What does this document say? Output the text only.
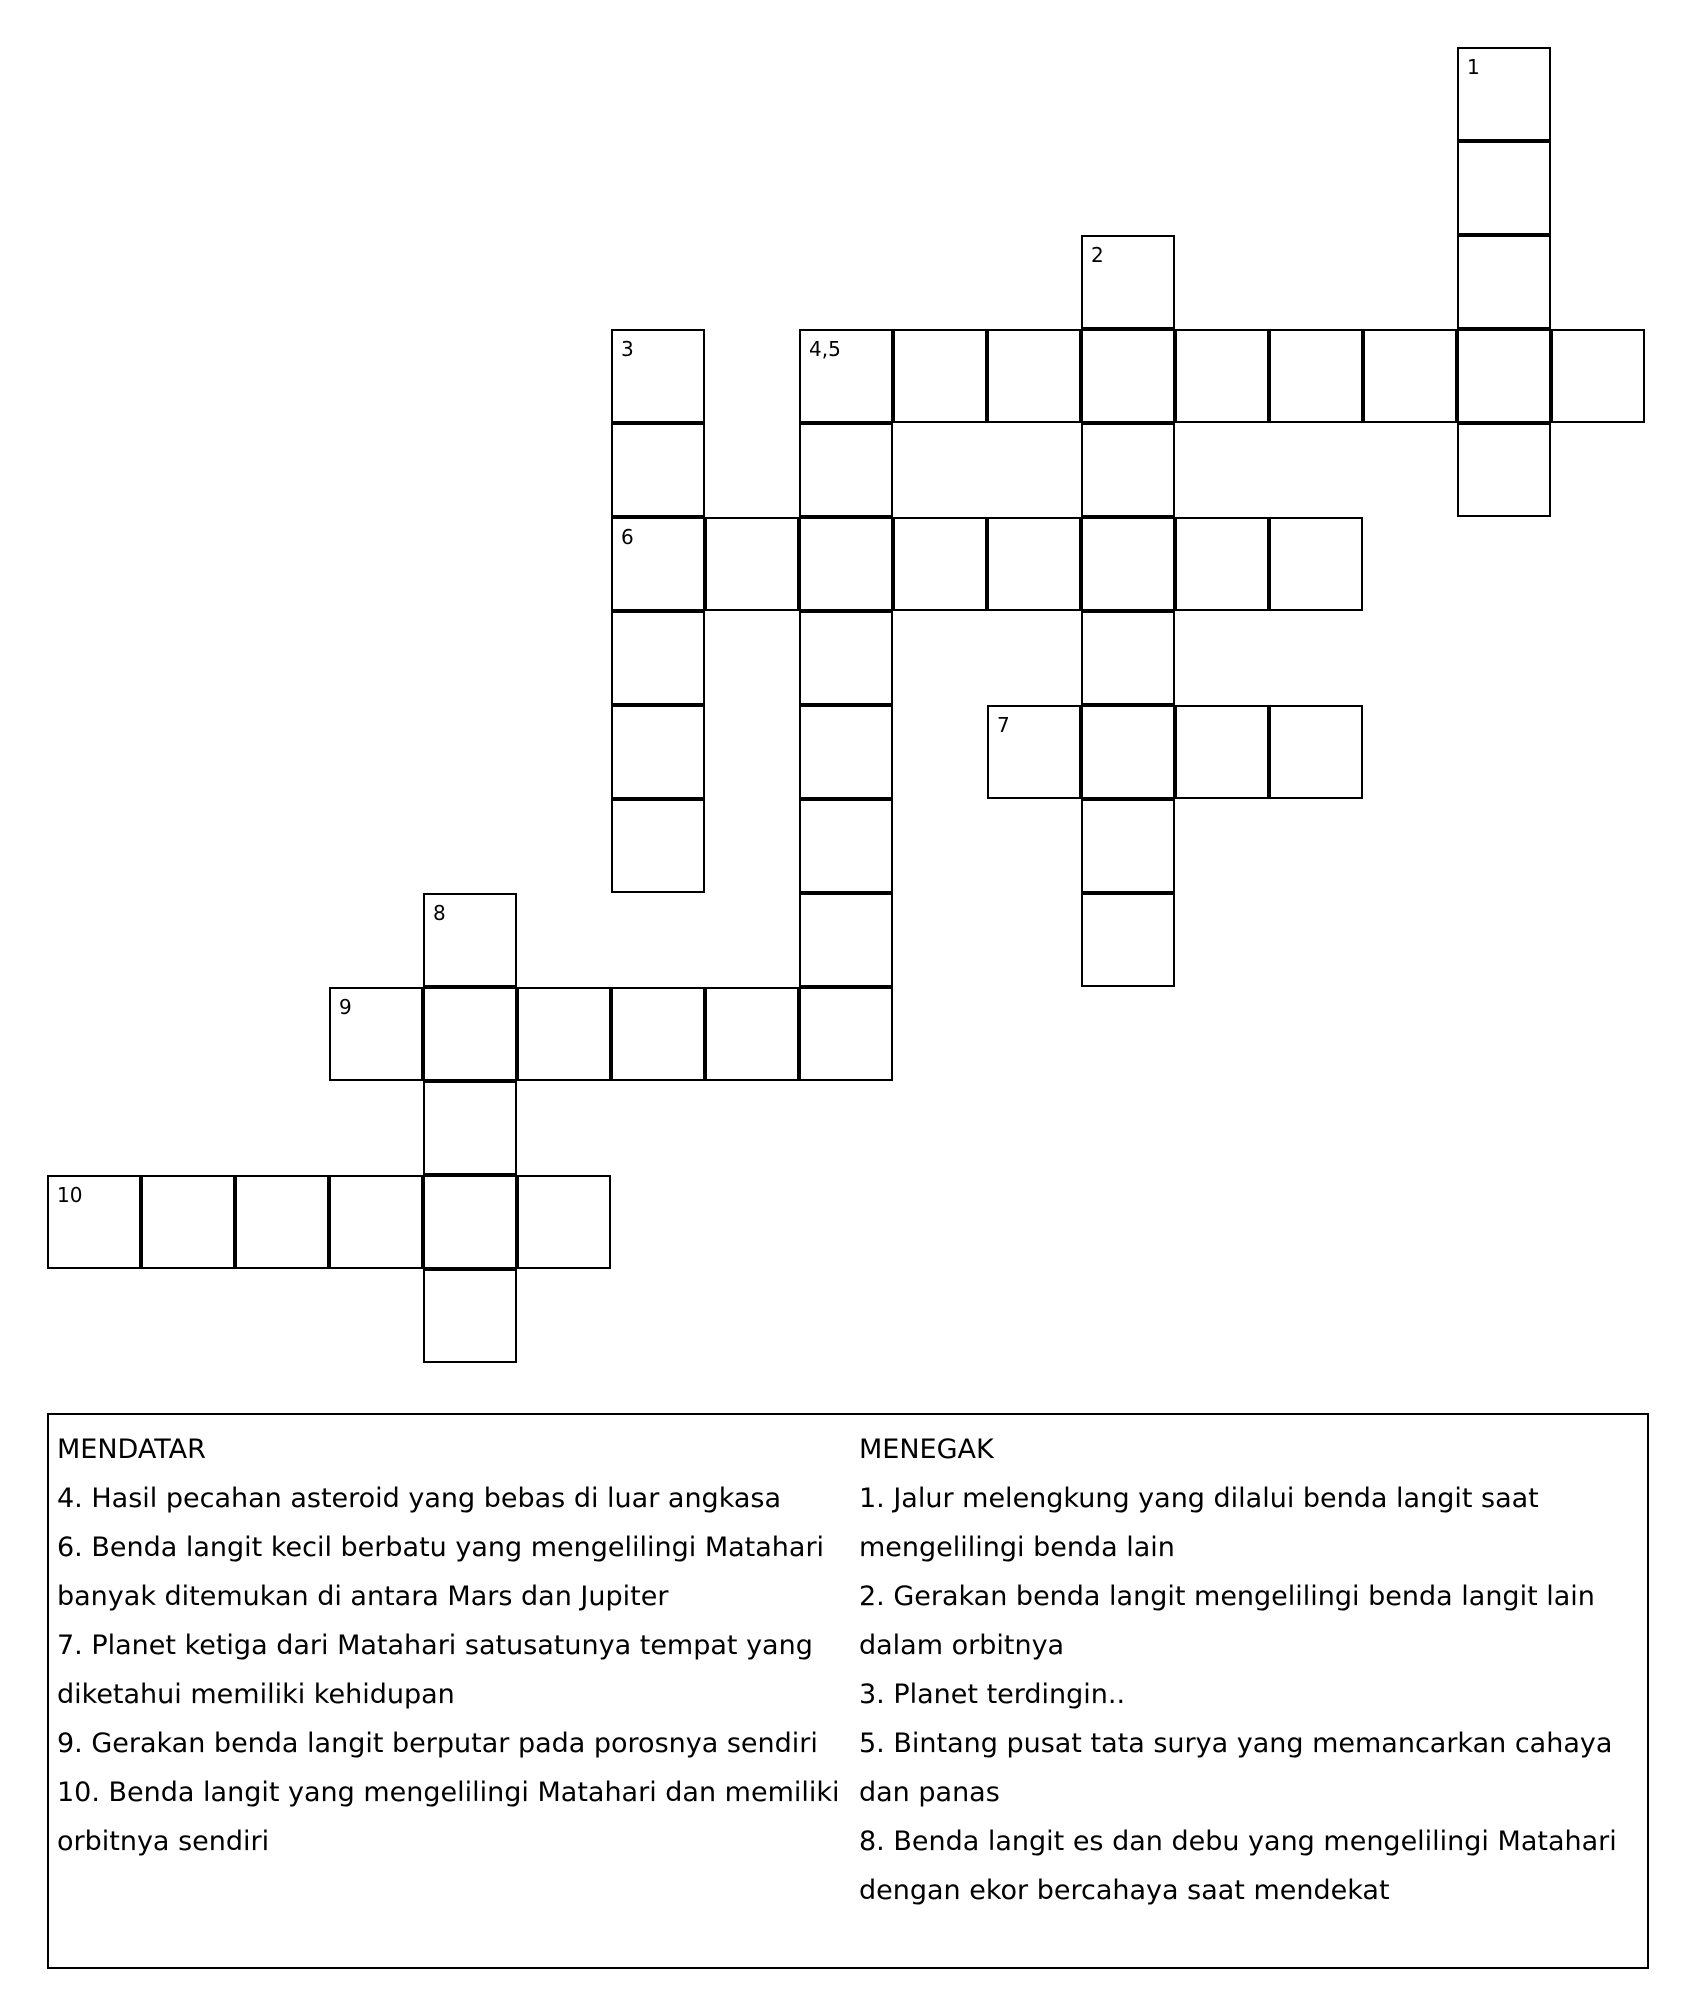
1
2
3	4,5
6
7
8
9
10
MENDATAR
4. Hasil pecahan asteroid yang bebas di luar angkasa
6. Benda langit kecil berbatu yang mengelilingi Matahari
banyak ditemukan di antara Mars dan Jupiter
7. Planet ketiga dari Matahari satusatunya tempat yang
diketahui memiliki kehidupan
9. Gerakan benda langit berputar pada porosnya sendiri
10. Benda langit yang mengelilingi Matahari dan memiliki
orbitnya sendiri
MENEGAK
1. Jalur melengkung yang dilalui benda langit saat
mengelilingi benda lain
2. Gerakan benda langit mengelilingi benda langit lain
dalam orbitnya
3. Planet terdingin..
5. Bintang pusat tata surya yang memancarkan cahaya
dan panas
8. Benda langit es dan debu yang mengelilingi Matahari
dengan ekor bercahaya saat mendekat
